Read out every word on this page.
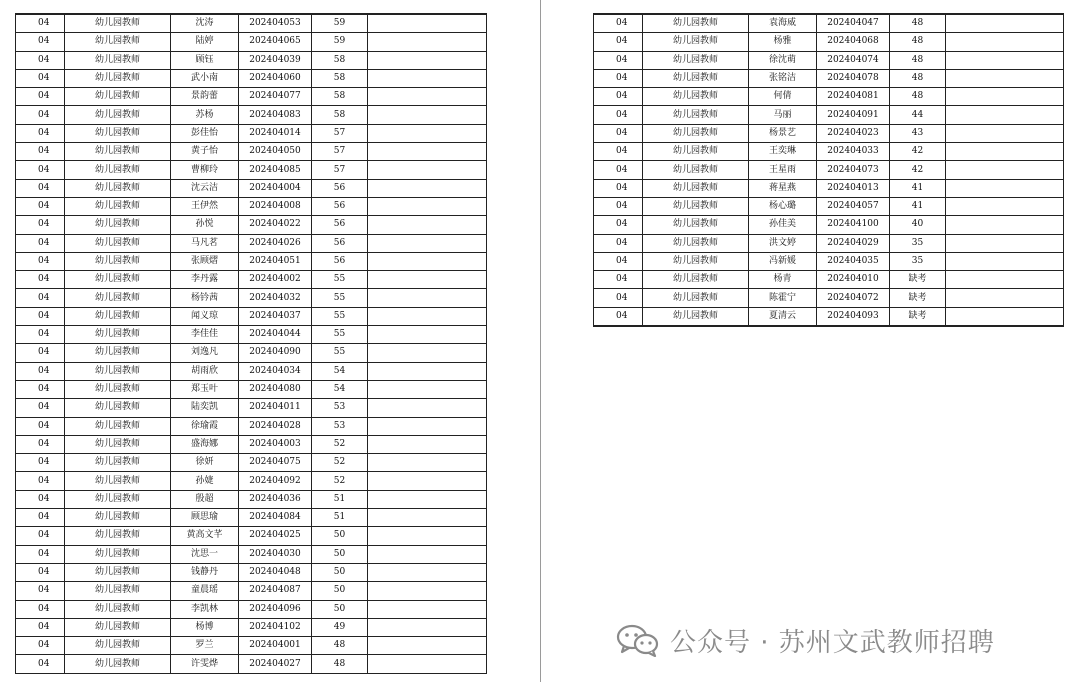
04	幼儿园教师	沈涛	202404053	59	
04	幼儿园教师	陆婷	202404065	59	
04	幼儿园教师	顾钰	202404039	58	
04	幼儿园教师	武小南	202404060	58	
04	幼儿园教师	景韵蕾	202404077	58	
04	幼儿园教师	苏杨	202404083	58	
04	幼儿园教师	彭佳怡	202404014	57	
04	幼儿园教师	黄子怡	202404050	57	
04	幼儿园教师	曹柳玲	202404085	57	
04	幼儿园教师	沈云洁	202404004	56	
04	幼儿园教师	王伊然	202404008	56	
04	幼儿园教师	孙悦	202404022	56	
04	幼儿园教师	马凡茗	202404026	56	
04	幼儿园教师	张顾熠	202404051	56	
04	幼儿园教师	李丹露	202404002	55	
04	幼儿园教师	杨钤茜	202404032	55	
04	幼儿园教师	闻义琼	202404037	55	
04	幼儿园教师	李佳佳	202404044	55	
04	幼儿园教师	刘逸凡	202404090	55	
04	幼儿园教师	胡雨欣	202404034	54	
04	幼儿园教师	郑玉叶	202404080	54	
04	幼儿园教师	陆奕凯	202404011	53	
04	幼儿园教师	徐瑜霞	202404028	53	
04	幼儿园教师	盛海娜	202404003	52	
04	幼儿园教师	徐妍	202404075	52	
04	幼儿园教师	孙婕	202404092	52	
04	幼儿园教师	殷超	202404036	51	
04	幼儿园教师	顾思瑜	202404084	51	
04	幼儿园教师	黄高文芊	202404025	50	
04	幼儿园教师	沈思一	202404030	50	
04	幼儿园教师	钱静丹	202404048	50	
04	幼儿园教师	童晨瑶	202404087	50	
04	幼儿园教师	李凯林	202404096	50	
04	幼儿园教师	杨博	202404102	49	
04	幼儿园教师	罗兰	202404001	48	
04	幼儿园教师	许雯烨	202404027	48	
04	幼儿园教师	袁海威	202404047	48	
04	幼儿园教师	杨雅	202404068	48	
04	幼儿园教师	徐沈萌	202404074	48	
04	幼儿园教师	张铭洁	202404078	48	
04	幼儿园教师	何倩	202404081	48	
04	幼儿园教师	马丽	202404091	44	
04	幼儿园教师	杨景艺	202404023	43	
04	幼儿园教师	王奕琳	202404033	42	
04	幼儿园教师	王星雨	202404073	42	
04	幼儿园教师	蒋星燕	202404013	41	
04	幼儿园教师	杨心璐	202404057	41	
04	幼儿园教师	孙佳美	202404100	40	
04	幼儿园教师	洪文婷	202404029	35	
04	幼儿园教师	冯新媛	202404035	35	
04	幼儿园教师	杨青	202404010	缺考	
04	幼儿园教师	陈霍宁	202404072	缺考	
04	幼儿园教师	夏清云	202404093	缺考	
公众号 · 苏州文武教师招聘
